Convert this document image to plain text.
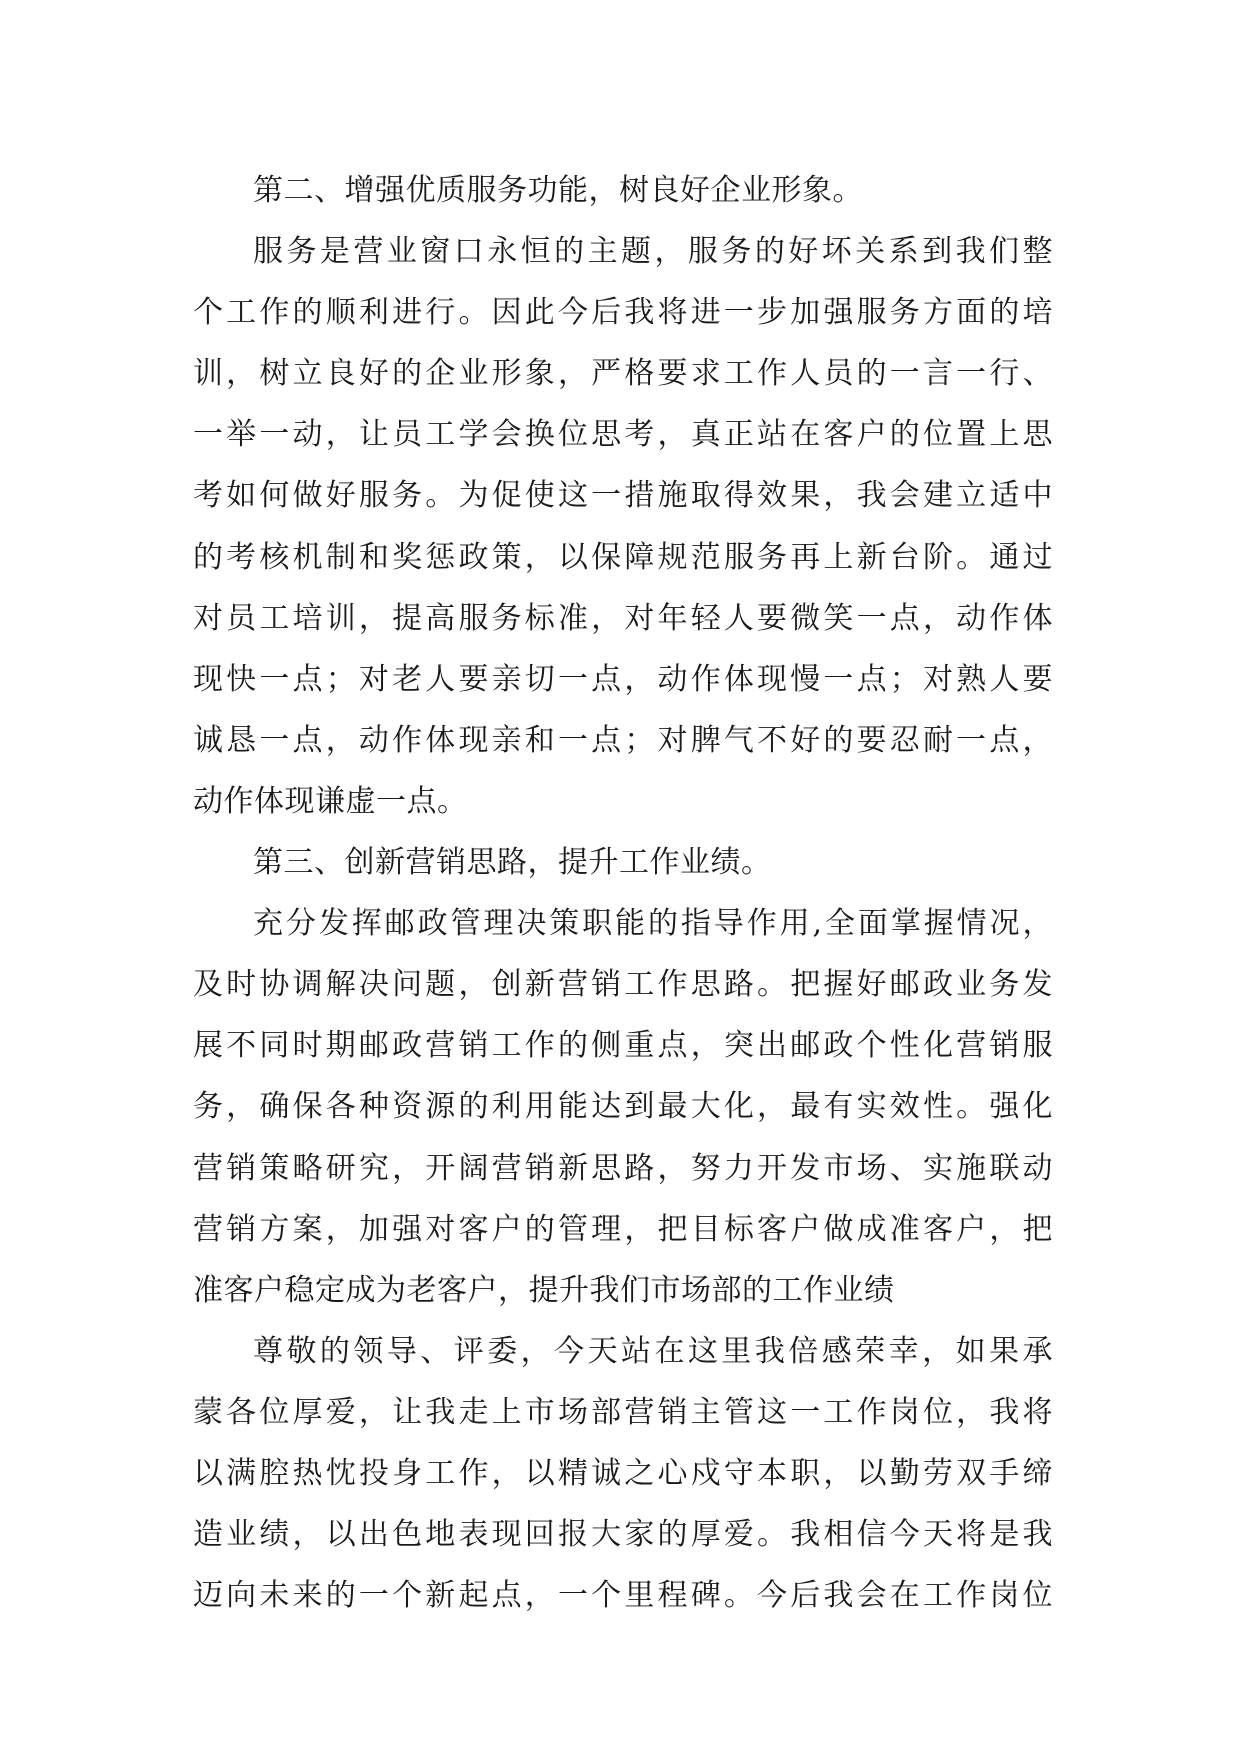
第二、增强优质服务功能，树良好企业形象。
服务是营业窗口永恒的主题，服务的好坏关系到我们整
个工作的顺利进行。因此今后我将进一步加强服务方面的培
训，树立良好的企业形象，严格要求工作人员的一言一行、
一举一动，让员工学会换位思考，真正站在客户的位置上思
考如何做好服务。为促使这一措施取得效果，我会建立适中
的考核机制和奖惩政策，以保障规范服务再上新台阶。通过
对员工培训，提高服务标准，对年轻人要微笑一点，动作体
现快一点；对老人要亲切一点，动作体现慢一点；对熟人要
诚恳一点，动作体现亲和一点；对脾气不好的要忍耐一点，
动作体现谦虚一点。
第三、创新营销思路，提升工作业绩。
充分发挥邮政管理决策职能的指导作用,全面掌握情况，
及时协调解决问题，创新营销工作思路。把握好邮政业务发
展不同时期邮政营销工作的侧重点，突出邮政个性化营销服
务，确保各种资源的利用能达到最大化，最有实效性。强化
营销策略研究，开阔营销新思路，努力开发市场、实施联动
营销方案，加强对客户的管理，把目标客户做成准客户，把
准客户稳定成为老客户，提升我们市场部的工作业绩
尊敬的领导、评委，今天站在这里我倍感荣幸，如果承
蒙各位厚爱，让我走上市场部营销主管这一工作岗位，我将
以满腔热忱投身工作，以精诚之心戍守本职，以勤劳双手缔
造业绩，以出色地表现回报大家的厚爱。我相信今天将是我
迈向未来的一个新起点，一个里程碑。今后我会在工作岗位
